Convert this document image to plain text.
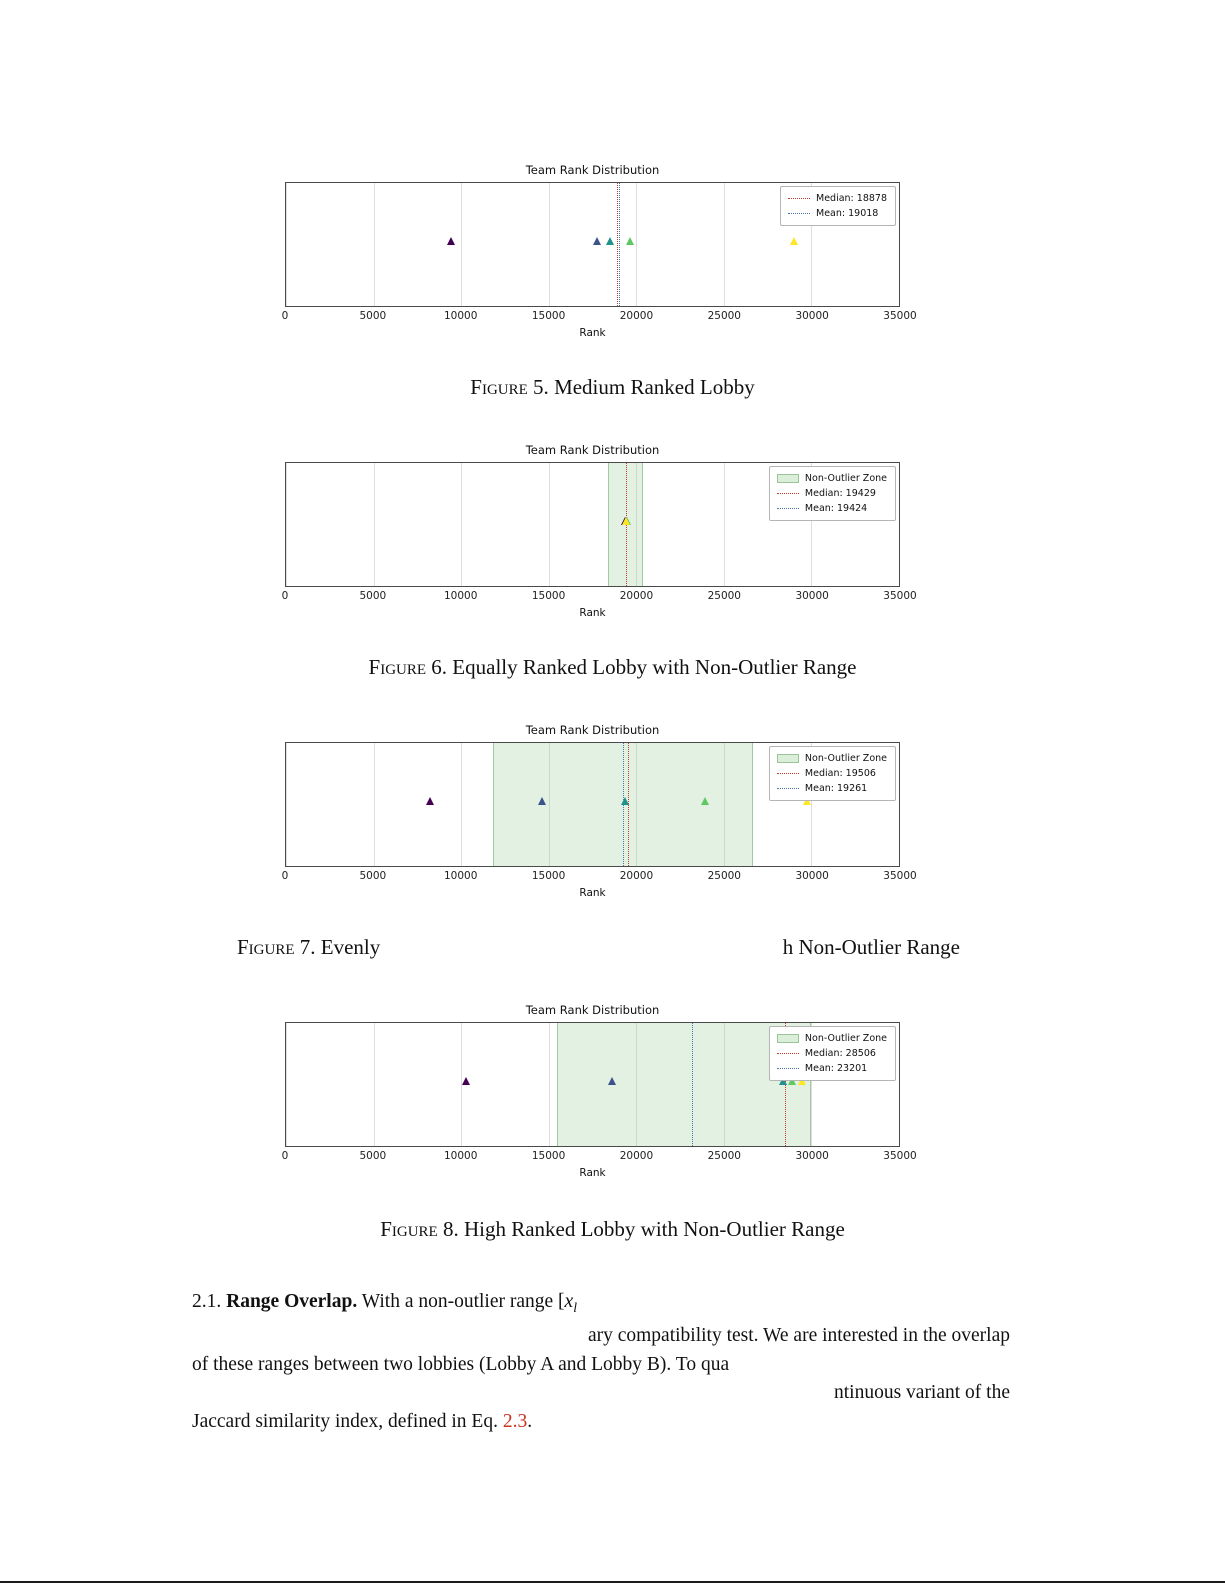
Team Rank Distribution
0	5000	10000	15000	20000	25000	30000	35000
Rank
Median: 18878
Mean: 19018
Figure 5. Medium Ranked Lobby
Team Rank Distribution
0	5000	10000	15000	20000	25000	30000	35000
Rank
Non-Outlier Zone
Median: 19429
Mean: 19424
Figure 6. Equally Ranked Lobby with Non-Outlier Range
Team Rank Distribution
0	5000	10000	15000	20000	25000	30000	35000
Rank
Non-Outlier Zone
Median: 19506
Mean: 19261
Figure 7. Evenly	h Non-Outlier Range
Team Rank Distribution
0	5000	10000	15000	20000	25000	30000	35000
Rank
Non-Outlier Zone
Median: 28506
Mean: 23201
Figure 8. High Ranked Lobby with Non-Outlier Range
2.1. Range Overlap. With a non-outlier range [$x_l$
ary compatibility test. We are interested in the overlap
of these ranges between two lobbies (Lobby A and Lobby B). To qua
ntinuous variant of the
Jaccard similarity index, defined in Eq. 2.3.
